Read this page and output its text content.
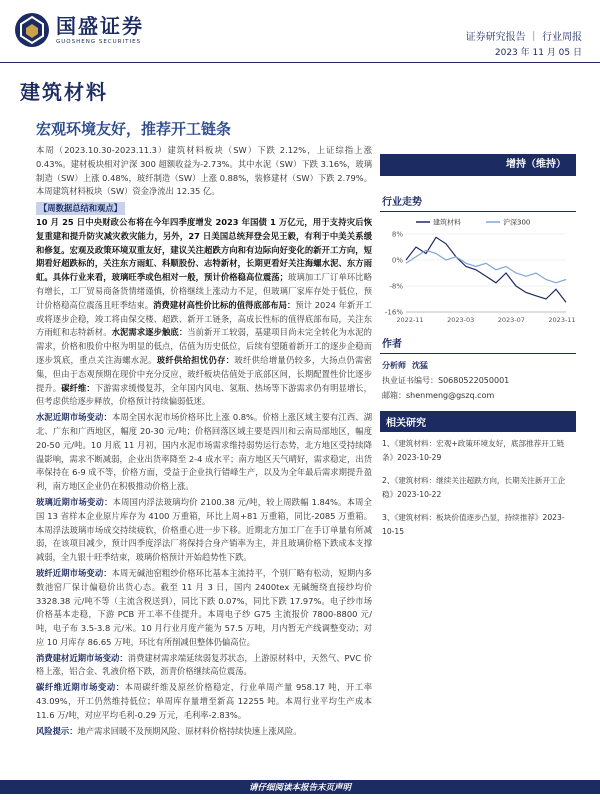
国盛证券
GUOSHENG SECURITIES	证券研究报告 ｜ 行业周报
2023 年 11 月 05 日
建筑材料
宏观环境友好，推荐开工链条

本周（2023.10.30-2023.11.3）建筑材料板块（SW）下跌 2.12%，上证综指上涨 0.43%。建材板块相对沪深 300 超额收益为-2.73%。其中水泥（SW）下跌 3.16%，玻璃制造（SW）上涨 0.48%，玻纤制造（SW）上涨 0.88%，装修建材（SW）下跌 2.79%。本周建筑材料板块（SW）资金净流出 12.35 亿。

【周数据总结和观点】

10 月 25 日中央财政公布将在今年四季度增发 2023 年国债 1 万亿元，用于支持灾后恢复重建和提升防灾减灾救灾能力，另外，27 日美国总统拜登会见王毅，有利于中美关系缓和修复。宏观及政策环境双重友好，建议关注超跌方向和有边际向好变化的新开工方向，短期看好超跌标的，关注东方雨虹、科顺股份、志特新材，长期更看好关注海螺水泥、东方雨虹。具体行业来看，玻璃旺季或色相对一般，预计价格稳高位震荡；玻璃加工厂订单环比略有增长，工厂贸易商备货情绪谨慎，价格继续上涨动力不足，但玻璃厂家库存处于低位，预计价格稳高位震荡且旺季结束。消费建材高性价比标的值得底部布局：预计 2024 年新开工或将逐步企稳，竣工将由保交楼、超跌、新开工链条，高成长性标的值得底部布局，关注东方雨虹和志特新材。水泥需求逐步触底：当前新开工较弱，基建项目尚未完全转化为水泥的需求，价格和股价中枢为明显的低点，估值为历史低位，后续有望随着新开工的逐步企稳而逐步筑底，重点关注海螺水泥。玻纤供给担忧仍存：玻纤供给增量仍较多，大扬点仍需密集，但由于态观预期在现价中充分反应，玻纤板块估值处于底部区间，长期配置性价比逐步提升。碳纤维：下游需求缓慢复苏，全年国内风电、氢瓶、热场等下游需求仍有明显增长，但考虑供给逐步释放，价格预计持续偏弱低迷。

水泥近期市场变动：本周全国水泥市场价格环比上涨 0.8%。价格上涨区域主要有江西、湖北、广东和广西地区，幅度 20-30 元/吨；价格回落区域主要是四川和云南局部地区，幅度 20-50 元/吨。10 月底 11 月初，国内水泥市场需求维持弱势运行态势，北方地区受持续降温影响，需求不断减弱，企业出货率降至 2-4 成水平；南方地区天气晴好，需求稳定，出货率保持在 6-9 成不等，价格方面，受益于企业执行错峰生产，以及为全年最后需求期提升盈利，南方地区企业仍在积极推动价格上涨。

玻璃近期市场变动：本周国内浮法玻璃均价 2100.38 元/吨，较上周跌幅 1.84%。本周全国 13 省样本企业原片库存为 4100 万重箱，环比上周+81 万重箱，同比-2085 万重箱。本周浮法玻璃市场成交持续疲软，价格重心进一步下移。近期北方加工厂在手订单量有所减弱，在该项目减少，预计四季度浮法厂将保持合身产销率为主，并且玻璃价格下跌成本支撑减弱，全九银十旺季结束，玻璃价格预计开始趋势性下跌。

玻纤近期市场变动：本周无碱池窑粗纱价格环比基本主流持平，个别厂略有松动，短期内多数池窑厂保计偏稳价出货心态。截至 11 月 3 日，国内 2400tex 无碱缠绕直接纱均价 3328.38 元/吨不等（主流含税送到），同比下跌 0.07%，同比下跌 17.97%。电子纱市场价格基本走稳，下游 PCB 开工率不佳提升。本周电子纱 G75 主流报价 7800-8800 元/吨，电子布 3.5-3.8 元/米。10 月行业月度产能为 57.5 万吨，月内暂无产线调整变动；对应 10 月库存 86.65 万吨，环比有所削减但整体仍偏高位。

消费建材近期市场变动：消费建材需求端延续弱复苏状态，上游原材料中，天然气、PVC 价格上涨，铝合金、乳液价格下跌，沥青价格继续高位震荡。

碳纤维近期市场变动：本周碳纤维及原丝价格稳定，行业单周产量 958.17 吨，开工率 43.09%，开工仍然维持低位；单周库存量增至新高 12255 吨。本周行业平均生产成本 11.6 万/吨，对应平均毛利-0.29 万元，毛利率-2.83%。

风险提示：地产需求回暖不及预期风险、原材料价格持续快速上涨风险。

增持（维持）
行业走势
8%
0%
-8%
-16%
2022-11	2023-03	2023-07	2023-11
建筑材料	沪深300
作者
分析师 沈猛
执业证书编号：S0680522050001
邮箱：shenmeng@gszq.com
相关研究
1、《建筑材料：宏观+政策环境友好，底部推荐开工链条》2023-10-29
2、《建筑材料：继续关注超跌方向，长期关注新开工企稳》2023-10-22
3、《建筑材料：板块价值逐步凸显，持续推荐》2023-10-15
请仔细阅读本报告末页声明
